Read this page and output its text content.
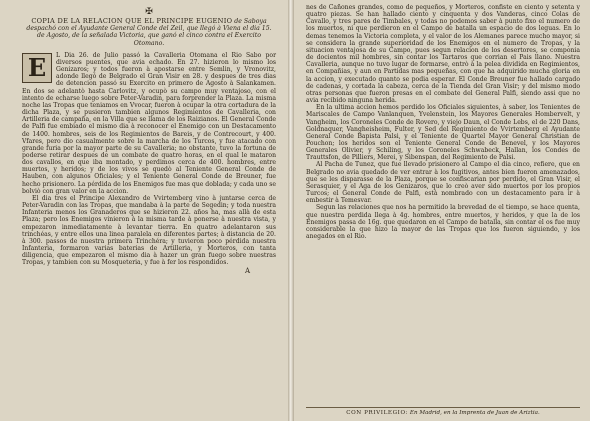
✠

COPIA DE LA RELACION QUE EL PRINCIPE EUGENIO de Saboya despachó con el Ayudante General Conde del Zeil, que llegó à Viena el dia 15. de Agosto, de la señalada Victoria, que ganó el cinco contra el Exercito Otomano.

E	L Dia 26. de Julio passó la Cavalleria Otomana el Rio Sabo por diversos puentes, que avia echado. En 27. hizieron lo mismo los Genizaros; y todos fueron à apostarse entre Semlin, y Vronovitz, adonde llegó de Belgrado el Gran Visir en 28. y despues de tres dias de detencion passó su Exercito en primero de Agosto à Salankamen. En dos se adelantò hasta Carlovitz, y ocupò su campo muy ventajoso, con el intento de echarse luego sobre Peter-Varadin, para forprender la Plaza. La misma noche las Tropas que teniamos en Vvocar, fueron à ocupar la otra cortadura de la dicha Plaza, y se pusieron tambien algunos Regimientos de Cavalleria, con Artilleria de campaña, en la Villa que se llama de los Raizianos. El General Conde de Palfi fue embiado el mismo dia à reconocer el Enemigo con un Destacamento de 1400. hombres, seis de los Regimientos de Bareis, y de Contrecourt, y 400. Vfares, pero dio casualmente sobre la marcha de los Turcos, y fue atacado con grande furia por la mayor parte de su Cavalleria; no obstante, tuvo la fortuna de poderse retirar despues de un combate de quatro horas, en el qual le mataron dos cavallos, en que iba montado, y perdimos cerca de 400. hombres, entre muertos, y heridos; y de los vivos se quedò al Teniente General Conde de Hauben, con algunos Oficiales; y el Teniente General Conde de Breuner, fue hecho prisionero. La pérdida de los Enemigos fue mas que doblada; y cada uno se bolviò con gran valor en la accion.

El dia tres el Principe Alexandro de Vvirtemberg vino à juntarse cerca de Peter-Varadin con las Tropas, que mandaba à la parte de Segedin; y toda nuestra Infanteria menos los Granaderos que se hizieron 22. años ha, mas allà de esta Plaza; pero los Enemigos vinieron à la misma tarde à ponerse à nuestra vista, y empezaron inmediatamente à levantar tierra. En quatro adelantaron sus trinchéas, y entre ellos una linea paralela en diferentes partes; à distancia de 20. à 300. passos de nuestra primera Trinchéra; y tuvieron poco pérdida nuestra Infanteria, formaron varias baterias de Artilleria, y Morteros, con tanta diligencia, que empezaron el mismo dia à hazer un gran fuego sobre nuestras Tropas, y tambien con su Mosqueteria, y fue à fer los respondidos.

A

nes de Cañones grandes, como de pequeños, y Morteros, confiste en ciento y setenta y quatro piezas. Se han hallado ciento y cinquenta y dos Vanderas, cinco Colas de Cavallo, y tres pares de Timbales, y todas no podemos saber à punto fixo el numero de los muertos, ni que perdieron en el Campo de batalla un espacio de dos leguas. En lo demas tenemos la Victoria completa, y el valor de los Alemanes parece mucho mayor, si se considera la grande superioridad de los Enemigos en el numero de Tropas, y la situacion ventajosa de su Campo, pues segun relacion de los desertores, se componia de docientos mil hombres, sin contar los Tartaros que corrian el Pais llano. Nuestra Cavalleria, aunque no tuvo lugar de formarse, entrò à la pelea dividida en Regimientos, en Compañias, y aun en Partidas mas pequeñas, con que ha adquirido mucha gloria en la accion, y executado quanto se podia esperar. El Conde Breuner fue hallado cargado de cadenas, y cortada la cabeza, cerca de la Tienda del Gran Visir; y del mismo modo otras personas que fueron presas en el combate del General Palfi, siendo assi que no avia recibido ninguna herida.

En la ultima accion hemos perdido los Oficiales siguientes, à saber, los Tenientes de Mariscales de Campo Vanlanquen, Yvelenstein, los Mayores Generales Hombervelt, y Vangheim, los Coroneles Conde de Rovero, y viejo Daun, el Conde Lebs, el de 220 Dans, Goldnaquer, Vangheisheim, Fulter, y Sed del Regimiento de Vvirtemberg el Ayudante General Conde Bapista Palsi, y el Teniente de Quartel Mayor General Christian de Pouchon; los heridos son el Teniente General Conde de Benevel, y los Mayores Generales Olivier, y Schiling, y los Coroneles Schwabeck, Hallan, los Condes de Trauttsfon, de Pilliers, Merei, y Sibenspan, del Regimiento de Palsi.

Al Pacha de Tunez, que fue llevado prisionero al Campo el dia cinco, refiere, que en Belgrado no avia quedado de ver entrar à los fugitivos, antes bien fueron amenazados, que se les disparasse de la Plaza, porque se confiscarian por perdido, el Gran Visir, el Serasquier, y el Aga de los Genizaros, que lo creò aver sido muertos por los propios Turcos; el General Conde de Palfi, està nombrado con un destacamento para ir à embestir à Temesvar.

Segun las relaciones que nos ha permitido la brevedad de el tiempo, se hace quenta, que nuestra perdida llega à 4g. hombres, entre muertos, y heridos, y que la de los Enemigos passa de 16g. que quedaron en el Campo de batalla, sin contar el os fue muy considerable la que hizo la mayor de las Tropas que los fueron siguiendo, y los anegados en el Rio.

CON PRIVILEGIO: En Madrid, en la Imprenta de Juan de Ariztia.
